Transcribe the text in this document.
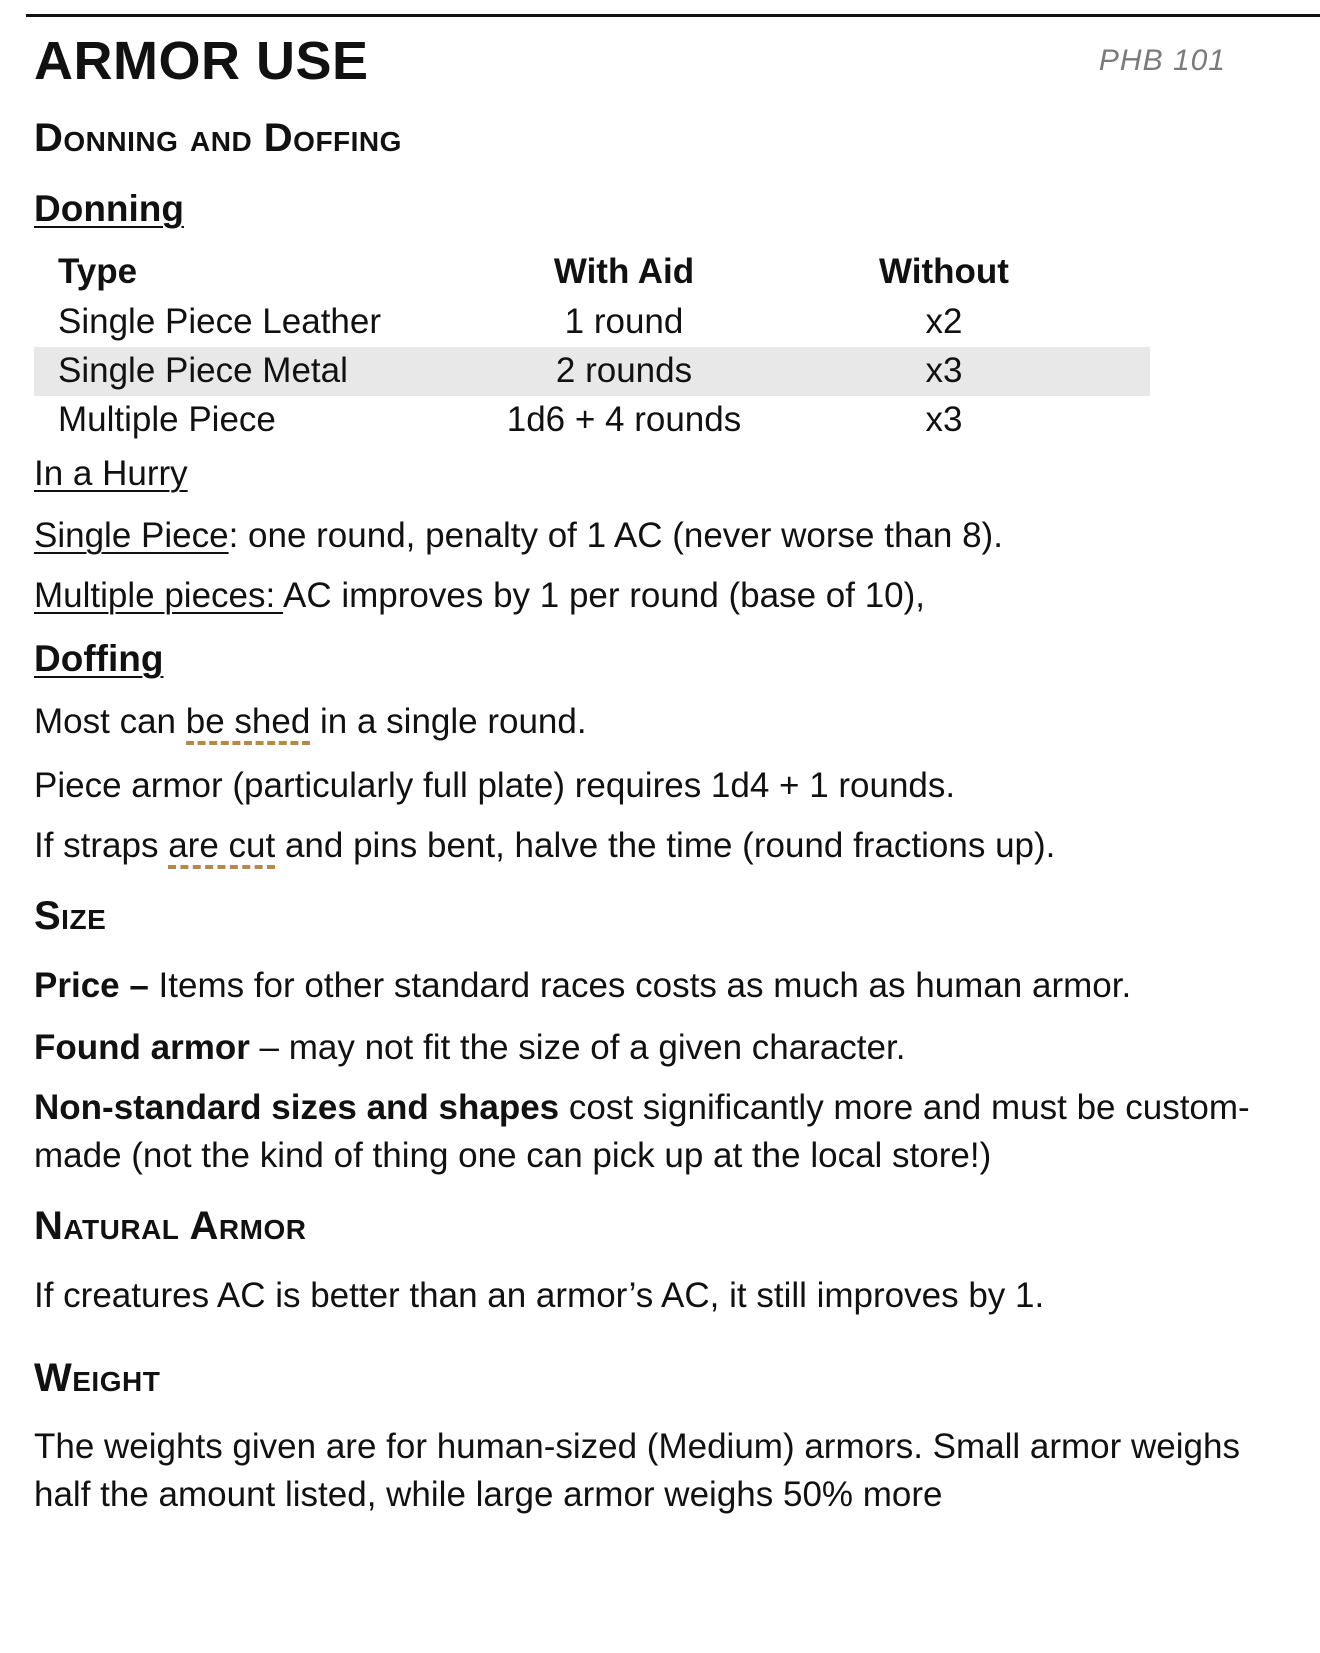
PHB 101
ARMOR USE
Donning and Doffing
Donning
Type	With Aid	Without
Single Piece Leather	1 round	x2
Single Piece Metal	2 rounds	x3
Multiple Piece	1d6 + 4 rounds	x3
In a Hurry
Single Piece: one round, penalty of 1 AC (never worse than 8).
Multiple pieces: AC improves by 1 per round (base of 10),
Doffing
Most can be shed in a single round.
Piece armor (particularly full plate) requires 1d4 + 1 rounds.
If straps are cut and pins bent, halve the time (round fractions up).
Size
Price – Items for other standard races costs as much as human armor.
Found armor – may not fit the size of a given character.
Non-standard sizes and shapes cost significantly more and must be custom-
made (not the kind of thing one can pick up at the local store!)
Natural Armor
If creatures AC is better than an armor’s AC, it still improves by 1.
Weight
The weights given are for human-sized (Medium) armors. Small armor weighs
half the amount listed, while large armor weighs 50% more
